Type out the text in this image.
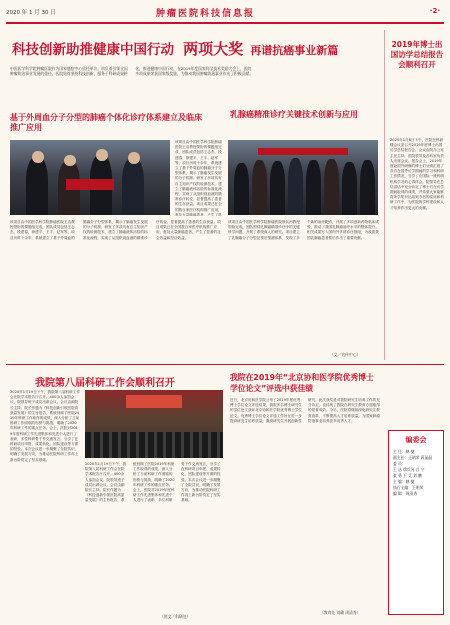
2020 年 1 月 30 日	肿瘤医院科技信息报	·2·
科技创新助推健康中国行动 两项大奖 再谱抗癌事业新篇
中国医学科学院肿瘤医院作为国家癌症中心依托单位，肩负着引领全国肿瘤防治事业发展的重任。医院始终坚持科技创新，服务于科研成果转化，推进健康中国行动，在2019年度国家科学技术奖励大会上，医院多项成果荣获国家级奖励，为推动我国肿瘤防治事业作出了积极贡献。
基于外周血分子分型的肺癌个体化诊疗体系建立及临床推广应用
该项目由中国医学科学院肿瘤医院王洁教授领衔的课题组完成，团队成员包括王志杰、段建春、徐建平、王宇、赵军等。项目历时十余年，系统建立了基于外周血的肺癌分子分型体系，揭示了肺癌发生发展的分子机制，研发了多项具有自主知识产权的检测技术，建立了肺癌液体活检的标准化流程，实现了从组织到血液的精准诊疗转变，显著提高了患者的生存获益。项目成果已在全国数百家医疗机构推广应用，惠及大量肺癌患者，产生了显
该项目由中国医学科学院肿瘤医院王洁教授领衔的课题组完成，团队成员包括王志杰、段建春、徐建平、王宇、赵军等。项目历时十余年，系统建立了基于外周血的肺癌分子分型体系，揭示了肺癌发生发展的分子机制，研发了多项具有自主知识产权的检测技术，建立了肺癌液体活检的标准化流程，实现了从组织到血液的精准诊疗转变，显著提高了患者的生存获益。项目成果已在全国数百家医疗机构推广应用，惠及大量肺癌患者，产生了显著的社会效益和经济效益。
乳腺癌精准诊疗关键技术创新与应用
该项目由中国医学科学院肿瘤医院徐兵河教授领衔完成，团队围绕乳腺癌精准诊疗中的关键科学问题，开展了系统深入的研究。项目建立了乳腺癌分子分型及预后预测体系，发现了多个新的治疗靶点，开展了多项创新药物临床试验，推动了我国乳腺癌治疗水平的整体提升。相关成果写入国内外多部诊疗指南，为改善我国乳腺癌患者预后作出了重要贡献。
（文／宣传中心）
2019年博士出国访学总结报告会顺利召开
2020年1月6日下午，医院在科研楼会议室召开2019年度博士出国访学总结报告会。会议由院办公室主任主持，医院领导及各科室负责人出席会议。报告会上，2019年度赴国外研修的博士们分别汇报了各自在国外访学期间的学习和科研工作情况，分享了在国际一流科研机构学习的心得体会。院领导在总结讲话中充分肯定了博士们在访学期间取得的成绩，并希望大家能够将所学知识运用到今后的临床和科研工作中，为医院的学科建设和人才培养作出更大的贡献。
我院第八届科研工作会顺利召开
2020年1月19日下午，我院第八届科研工作会在院学术报告厅召开。400余人参加会议，院领导班子成员出席会议。会议由副院长主持。院长作题为《科技创新引领医院高质量发展》的主旨报告，系统回顾了医院2019年科研工作取得的成绩，深入分析了当前科研工作面临的形势与挑战，明确了2020年科研工作的重点任务。会上，医院对2019年度科研工作先进集体和先进个人进行了表彰，多位科研骨干作交流发言，分享了在科研项目申报、成果转化、团队建设等方面的经验。本次会议进一步凝聚了全院共识，明确了发展方向，为推动医院科研工作再上新台阶奠定了坚实基础。
2020年1月19日下午，我院第八届科研工作会在院学术报告厅召开。400余人参加会议，院领导班子成员出席会议。会议由副院长主持。院长作题为《科技创新引领医院高质量发展》的主旨报告，系统回顾了医院2019年科研工作取得的成绩，深入分析了当前科研工作面临的形势与挑战，明确了2020年科研工作的重点任务。会上，医院对2019年度科研工作先进集体和先进个人进行了表彰，多位科研骨干作交流发言，分享了在科研项目申报、成果转化、团队建设等方面的经验。本次会议进一步凝聚了全院共识，明确了发展方向，为推动医院科研工作再上新台阶奠定了坚实基础。
（图文／科研处）
我院在2019年“北京协和医学院优秀博士学位论文”评选中获佳绩
近日，北京协和医学院公布了2019年度优秀博士学位论文评选结果，我院多名博士研究生的学位论文获评北京协和医学院优秀博士学位论文。优秀博士学位论文评选工作旨在进一步提高研究生培养质量，激励研究生开展创新性研究。此次获奖是对我院研究生培养工作的充分肯定，也体现了我院在研究生教育方面取得的显著成效。今后，医院将继续深化研究生教育改革，不断提高人才培养质量，为国家肿瘤防治事业培养更多优秀人才。
（教育处 刘璐 周清秀）
编委会
主 任：赫 捷
副主任：王明荣 蒋晶晶
委 员：
王 洁 徐兵河 吕 宁
张 勇 王 艾 刘 鹏
主 编：赫 捷
执行主编：王明荣
编 辑：周清秀
